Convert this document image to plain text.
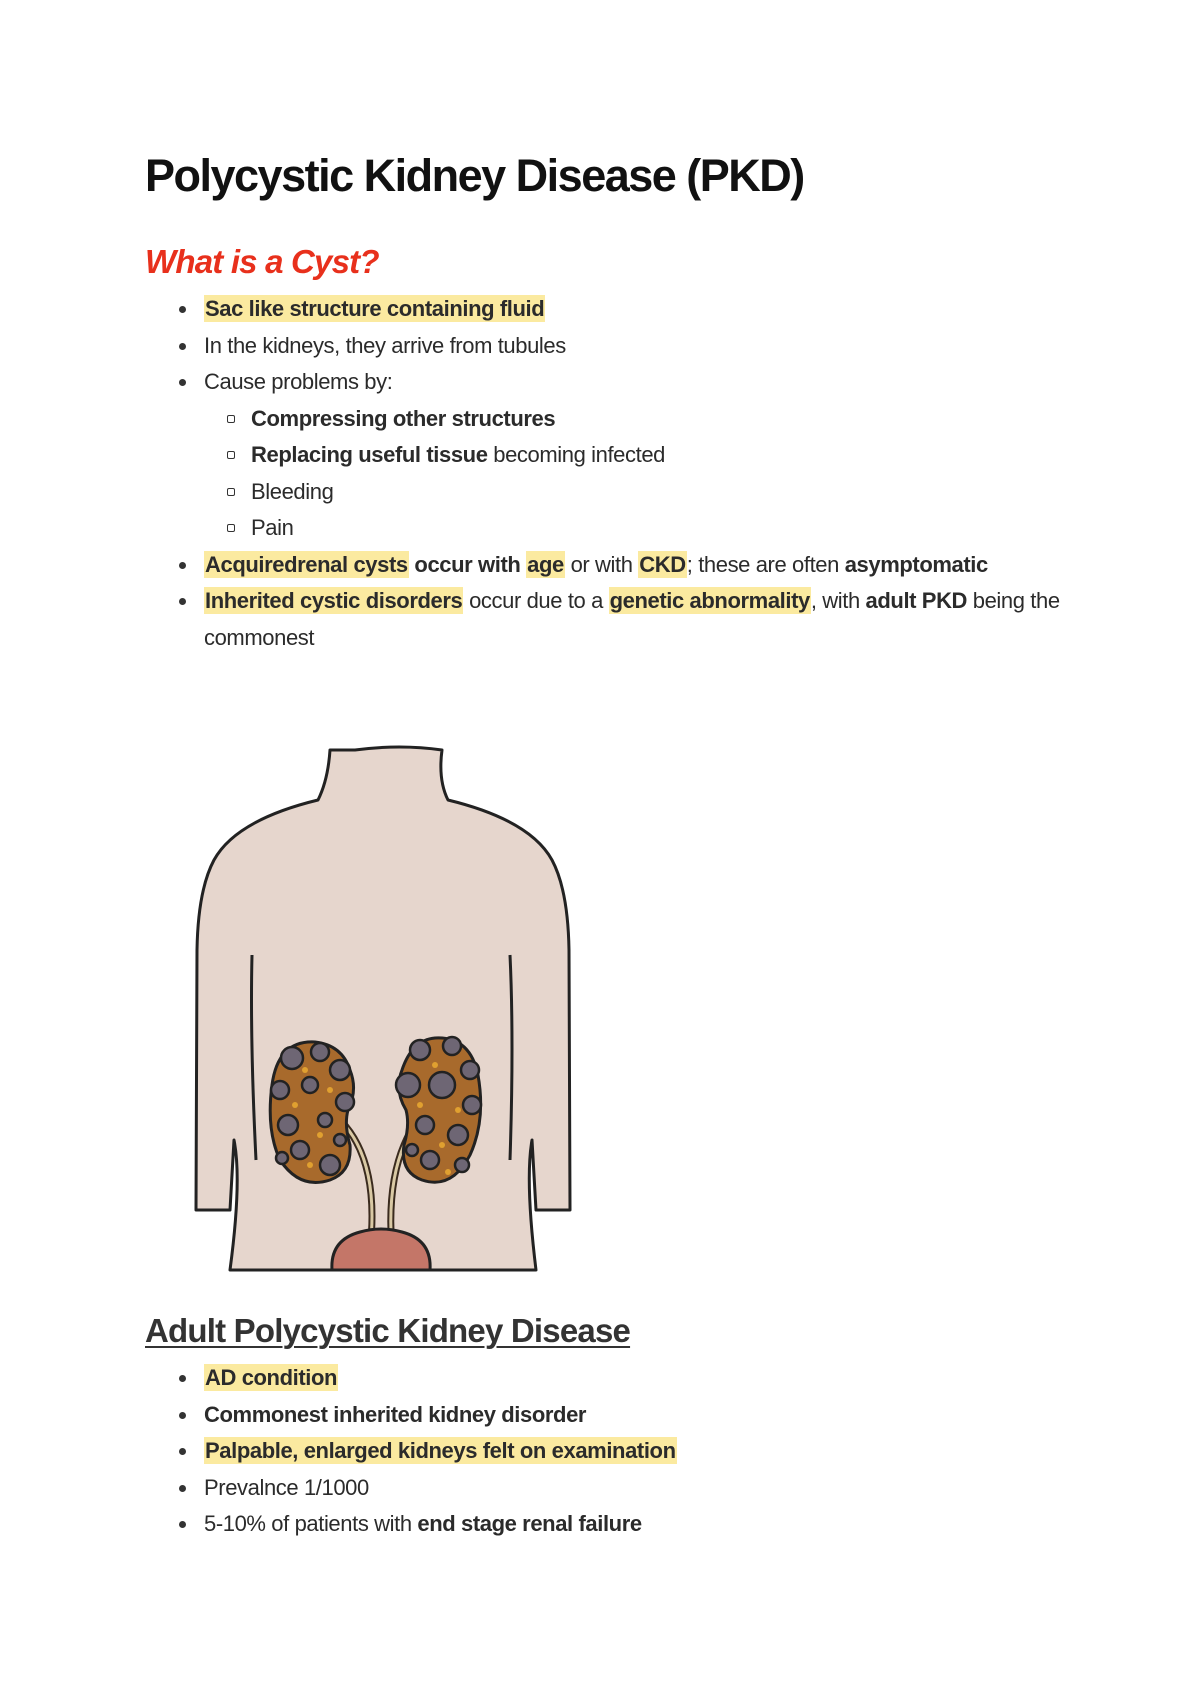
Polycystic Kidney Disease (PKD)
What is a Cyst?
Sac like structure containing fluid
In the kidneys, they arrive from tubules
Cause problems by:
Compressing other structures
Replacing useful tissue becoming infected
Bleeding
Pain
Acquiredrenal cysts occur with age or with CKD; these are often asymptomatic
Inherited cystic disorders occur due to a genetic abnormality, with adult PKD being the commonest
Adult Polycystic Kidney Disease
AD condition
Commonest inherited kidney disorder
Palpable, enlarged kidneys felt on examination
Prevalnce 1/1000
5-10% of patients with end stage renal failure
